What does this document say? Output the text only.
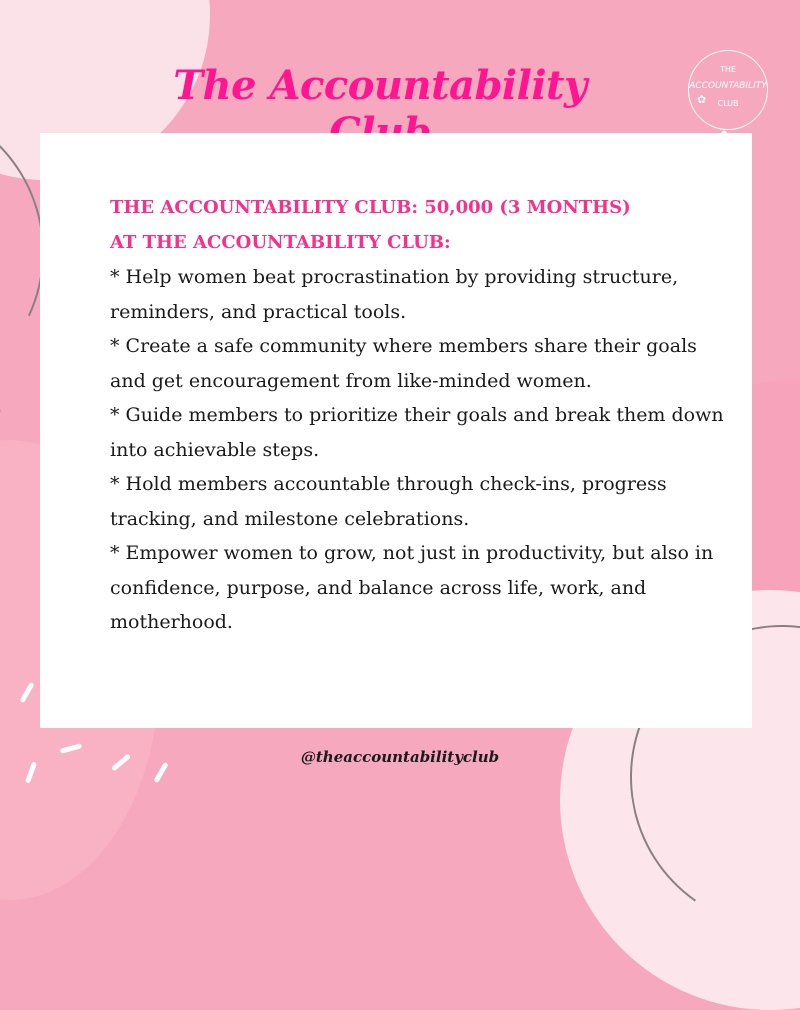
The Accountability	THE
ACCOUNTABILITY
CLUB
✿
THE ACCOUNTABILITY CLUB: 50,000 (3 MONTHS)
AT THE ACCOUNTABILITY CLUB:
* Help women beat procrastination by providing structure, reminders, and practical tools.
* Create a safe community where members share their goals and get encouragement from like-minded women.
* Guide members to prioritize their goals and break them down into achievable steps.
* Hold members accountable through check-ins, progress tracking, and milestone celebrations.
* Empower women to grow, not just in productivity, but also in confidence, purpose, and balance across life, work, and motherhood.
@theaccountabilityclub
